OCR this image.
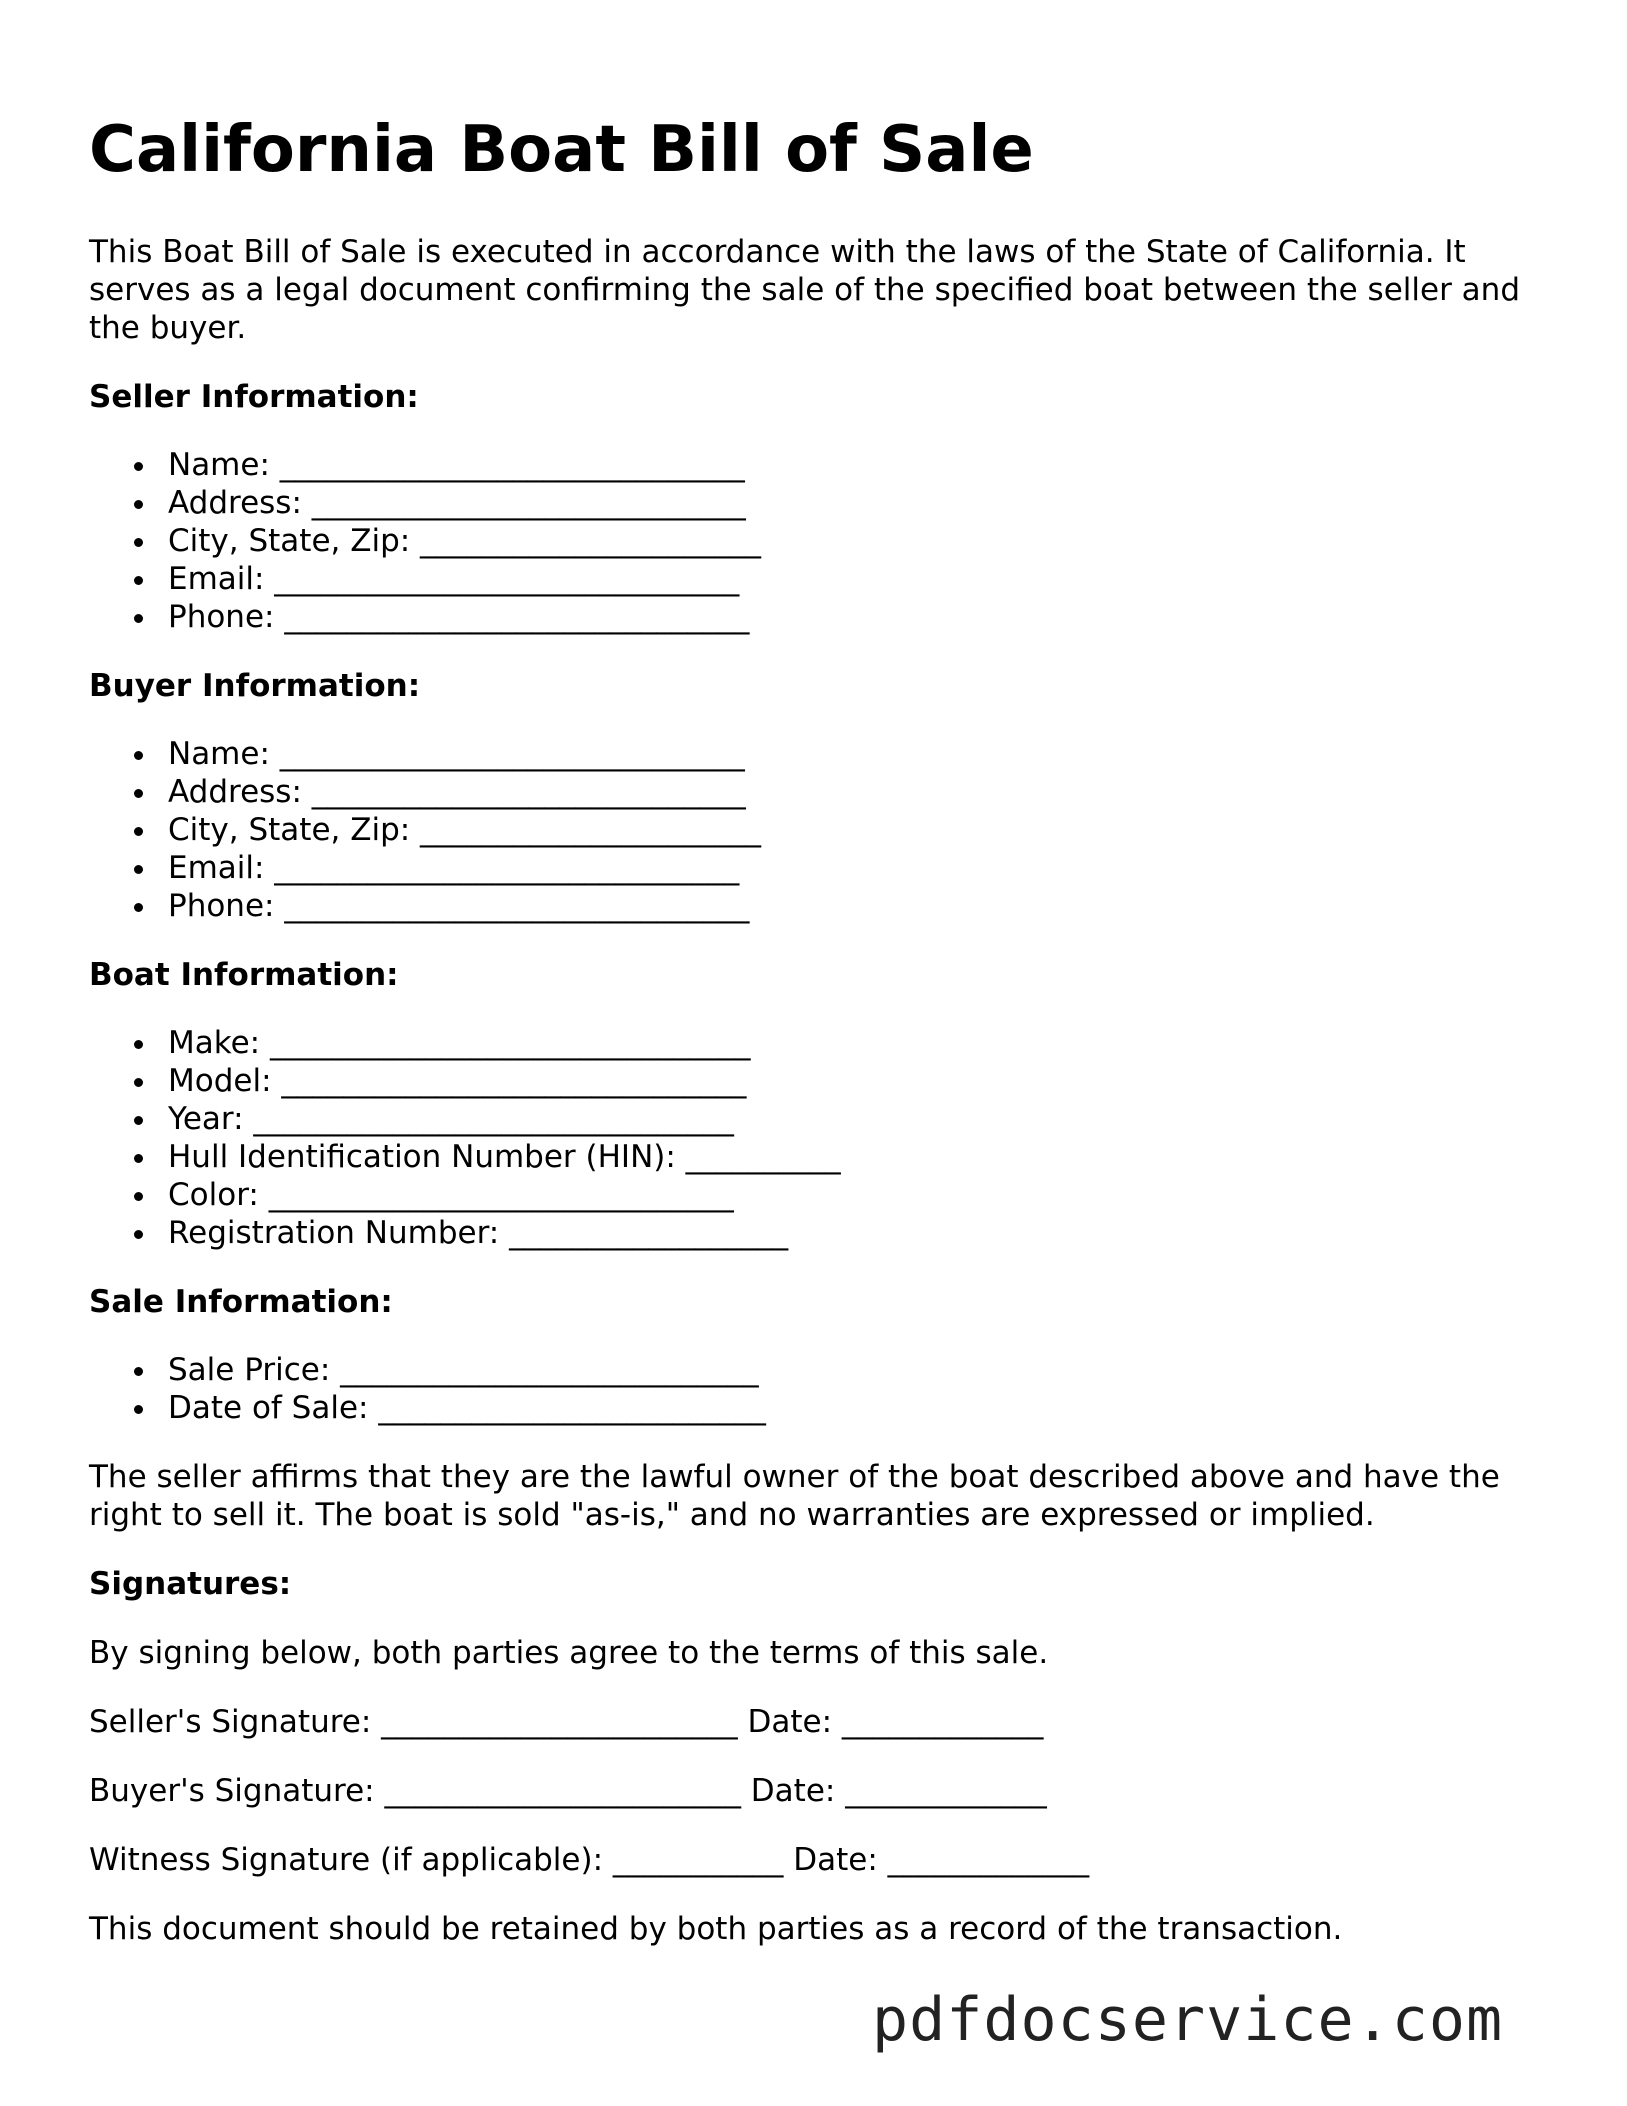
California Boat Bill of Sale

This Boat Bill of Sale is executed in accordance with the laws of the State of California. It serves as a legal document confirming the sale of the specified boat between the seller and the buyer.

Seller Information:

Name: ______________________________
Address: ____________________________
City, State, Zip: ______________________
Email: ______________________________
Phone: ______________________________

Buyer Information:

Name: ______________________________
Address: ____________________________
City, State, Zip: ______________________
Email: ______________________________
Phone: ______________________________

Boat Information:

Make: _______________________________
Model: ______________________________
Year: _______________________________
Hull Identification Number (HIN): __________
Color: ______________________________
Registration Number: __________________

Sale Information:

Sale Price: ___________________________
Date of Sale: _________________________

The seller affirms that they are the lawful owner of the boat described above and have the right to sell it. The boat is sold "as-is," and no warranties are expressed or implied.

Signatures:

By signing below, both parties agree to the terms of this sale.

Seller's Signature: _______________________ Date: _____________

Buyer's Signature: _______________________ Date: _____________

Witness Signature (if applicable): ___________ Date: _____________

This document should be retained by both parties as a record of the transaction.

pdfdocservice.com
